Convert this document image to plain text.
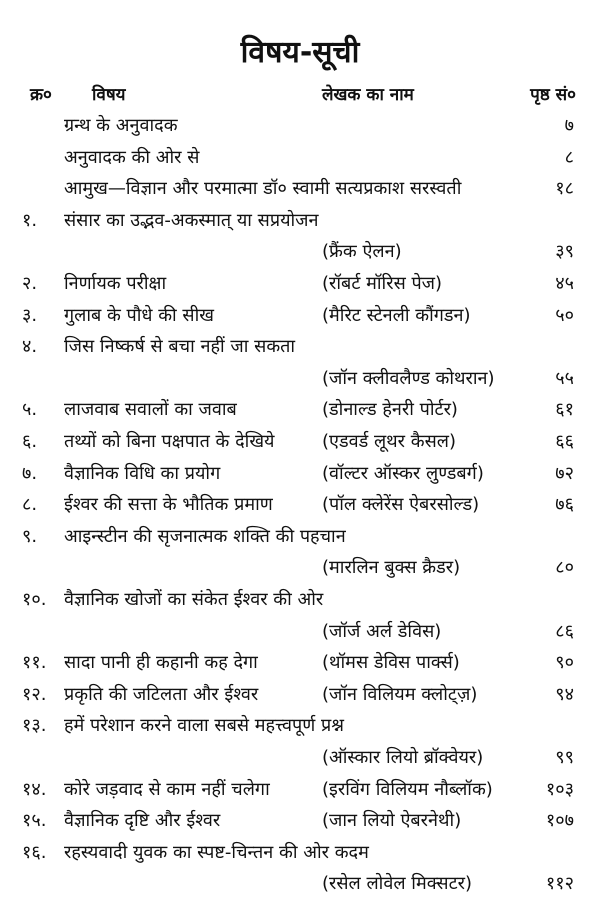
विषय-सूची
क्र० विषय	लेखक का नाम	पृष्ठ सं०
ग्रन्थ के अनुवादक	७
अनुवादक की ओर से	८
आमुख—विज्ञान और परमात्मा डॉ० स्वामी सत्यप्रकाश सरस्वती	१८
१. संसार का उद्भव-अकस्मात् या सप्रयोजन
(फ्रैंक ऐलन)	३९
२. निर्णायक परीक्षा	(रॉबर्ट मॉरिस पेज)	४५
३. गुलाब के पौधे की सीख	(मैरिट स्टेनली कौंगडन)	५०
४. जिस निष्कर्ष से बचा नहीं जा सकता
(जॉन क्लीवलैण्ड कोथरान)	५५
५. लाजवाब सवालों का जवाब	(डोनाल्ड हेनरी पोर्टर)	६१
६. तथ्यों को बिना पक्षपात के देखिये	(एडवर्ड लूथर कैसल)	६६
७. वैज्ञानिक विधि का प्रयोग	(वॉल्टर ऑस्कर लुण्डबर्ग)	७२
८. ईश्वर की सत्ता के भौतिक प्रमाण	(पॉल क्लेरेंस ऐबरसोल्ड)	७६
९. आइन्स्टीन की सृजनात्मक शक्ति की पहचान
(मारलिन बुक्स क्रैडर)	८०
१०. वैज्ञानिक खोजों का संकेत ईश्वर की ओर
(जॉर्ज अर्ल डेविस)	८६
११. सादा पानी ही कहानी कह देगा	(थॉमस डेविस पार्क्स)	९०
१२. प्रकृति की जटिलता और ईश्वर	(जॉन विलियम क्लोट्ज़)	९४
१३. हमें परेशान करने वाला सबसे महत्त्वपूर्ण प्रश्न
(ऑस्कार लियो ब्रॉक्वेयर)	९९
१४. कोरे जड़वाद से काम नहीं चलेगा	(इरविंग विलियम नौब्लॉक)	१०३
१५. वैज्ञानिक दृष्टि और ईश्वर	(जान लियो ऐबरनेथी)	१०७
१६. रहस्यवादी युवक का स्पष्ट-चिन्तन की ओर कदम
(रसेल लोवेल मिक्सटर)	११२
